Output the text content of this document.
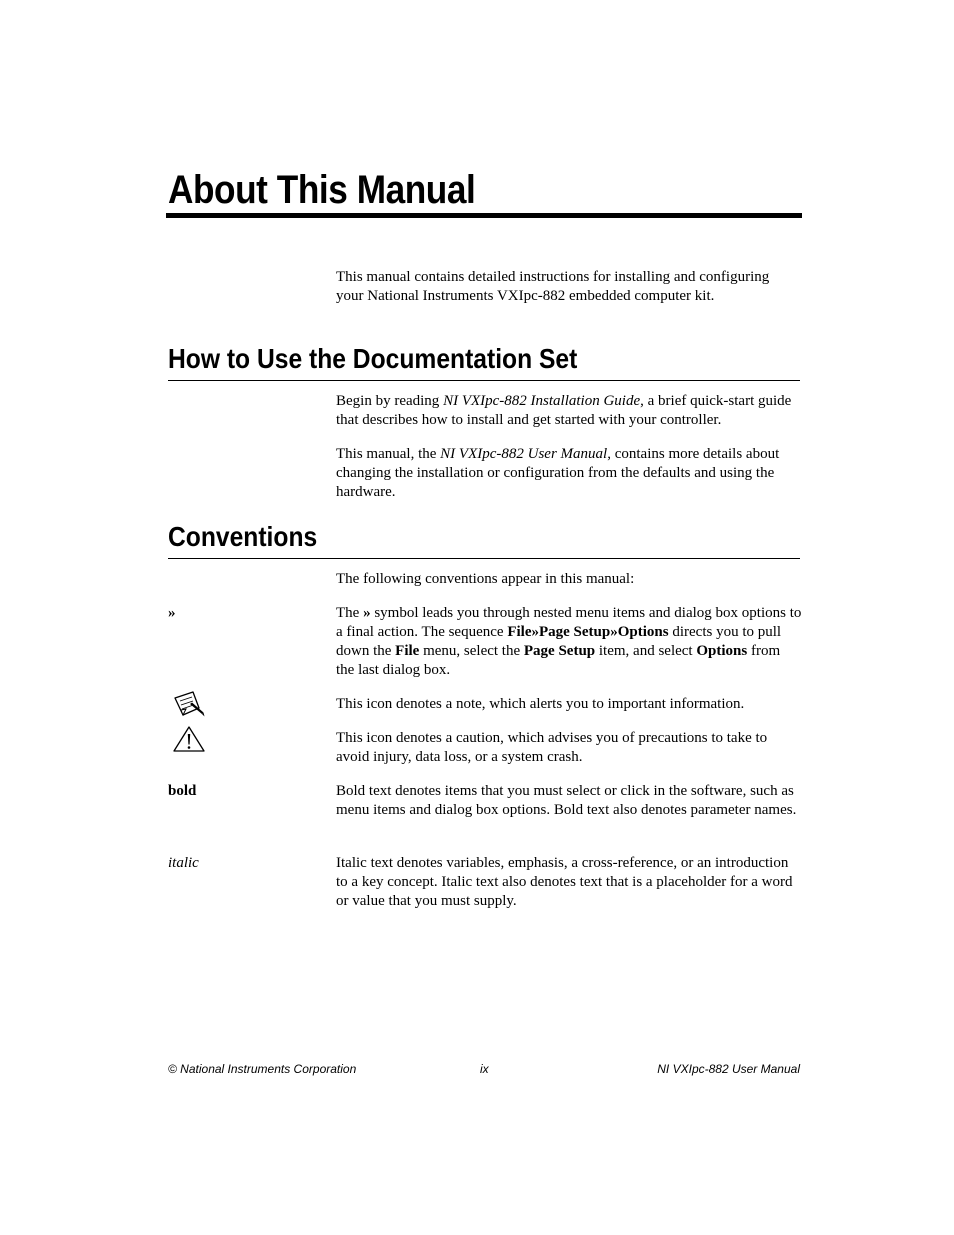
About This Manual

This manual contains detailed instructions for installing and configuring your National Instruments VXIpc-882 embedded computer kit.

How to Use the Documentation Set

Begin by reading NI VXIpc-882 Installation Guide, a brief quick-start guide that describes how to install and get started with your controller.

This manual, the NI VXIpc-882 User Manual, contains more details about changing the installation or configuration from the defaults and using the hardware.

Conventions

The following conventions appear in this manual:

»	The » symbol leads you through nested menu items and dialog box options to a final action. The sequence File»Page Setup»Options directs you to pull down the File menu, select the Page Setup item, and select Options from the last dialog box.

This icon denotes a note, which alerts you to important information.

This icon denotes a caution, which advises you of precautions to take to avoid injury, data loss, or a system crash.

bold	Bold text denotes items that you must select or click in the software, such as menu items and dialog box options. Bold text also denotes parameter names.

italic	Italic text denotes variables, emphasis, a cross-reference, or an introduction to a key concept. Italic text also denotes text that is a placeholder for a word or value that you must supply.

© National Instruments Corporation	ix	NI VXIpc-882 User Manual
